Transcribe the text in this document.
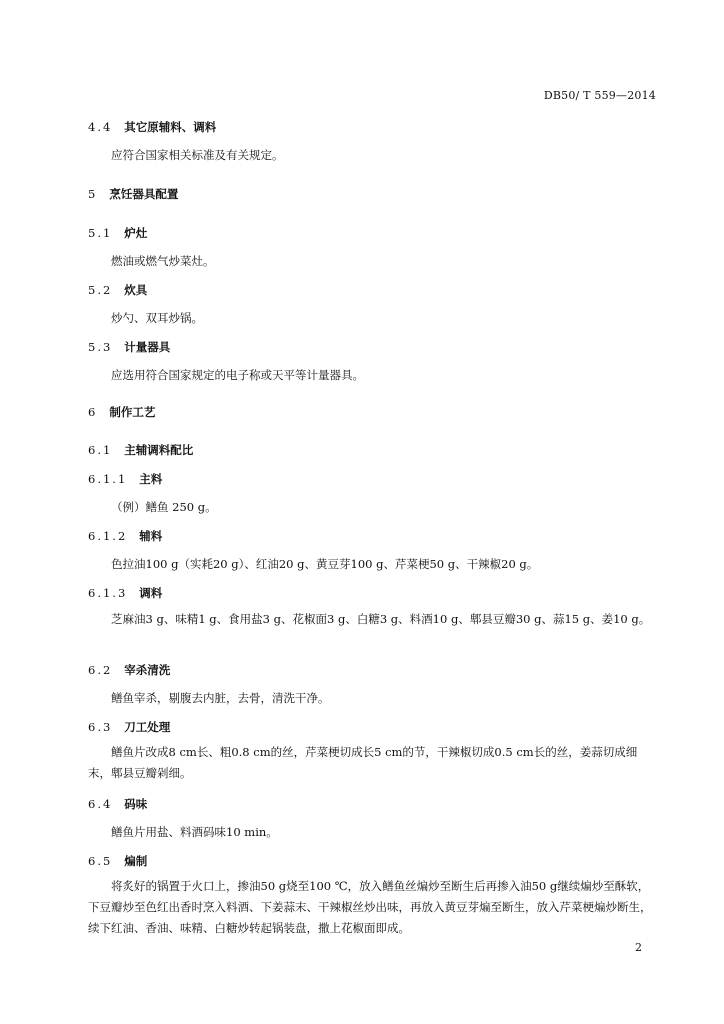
DB50/ T 559—2014
4.4 其它原辅料、调料
应符合国家相关标准及有关规定。
5 烹饪器具配置
5.1 炉灶
燃油或燃气炒菜灶。
5.2 炊具
炒勺、双耳炒锅。
5.3 计量器具
应选用符合国家规定的电子称或天平等计量器具。
6 制作工艺
6.1 主辅调料配比
6.1.1 主料
（例）鳝鱼 250 g。
6.1.2 辅料
色拉油100 g（实耗20 g）、红油20 g、黄豆芽100 g、芹菜梗50 g、干辣椒20 g。
6.1.3 调料
芝麻油3 g、味精1 g、食用盐3 g、花椒面3 g、白糖3 g、料酒10 g、郫县豆瓣30 g、蒜15 g、姜10 g。
6.2 宰杀清洗
鳝鱼宰杀，剔腹去内脏，去骨，清洗干净。
6.3 刀工处理
鳝鱼片改成8 cm长、粗0.8 cm的丝，芹菜梗切成长5 cm的节，干辣椒切成0.5 cm长的丝，姜蒜切成细末，郫县豆瓣剁细。
6.4 码味
鳝鱼片用盐、料酒码味10 min。
6.5 煸制
将炙好的锅置于火口上，掺油50 g烧至100 ℃，放入鳝鱼丝煸炒至断生后再掺入油50 g继续煸炒至酥软，下豆瓣炒至色红出香时烹入料酒、下姜蒜末、干辣椒丝炒出味，再放入黄豆芽煸至断生，放入芹菜梗煸炒断生，续下红油、香油、味精、白糖炒转起锅装盘，撒上花椒面即成。
2
